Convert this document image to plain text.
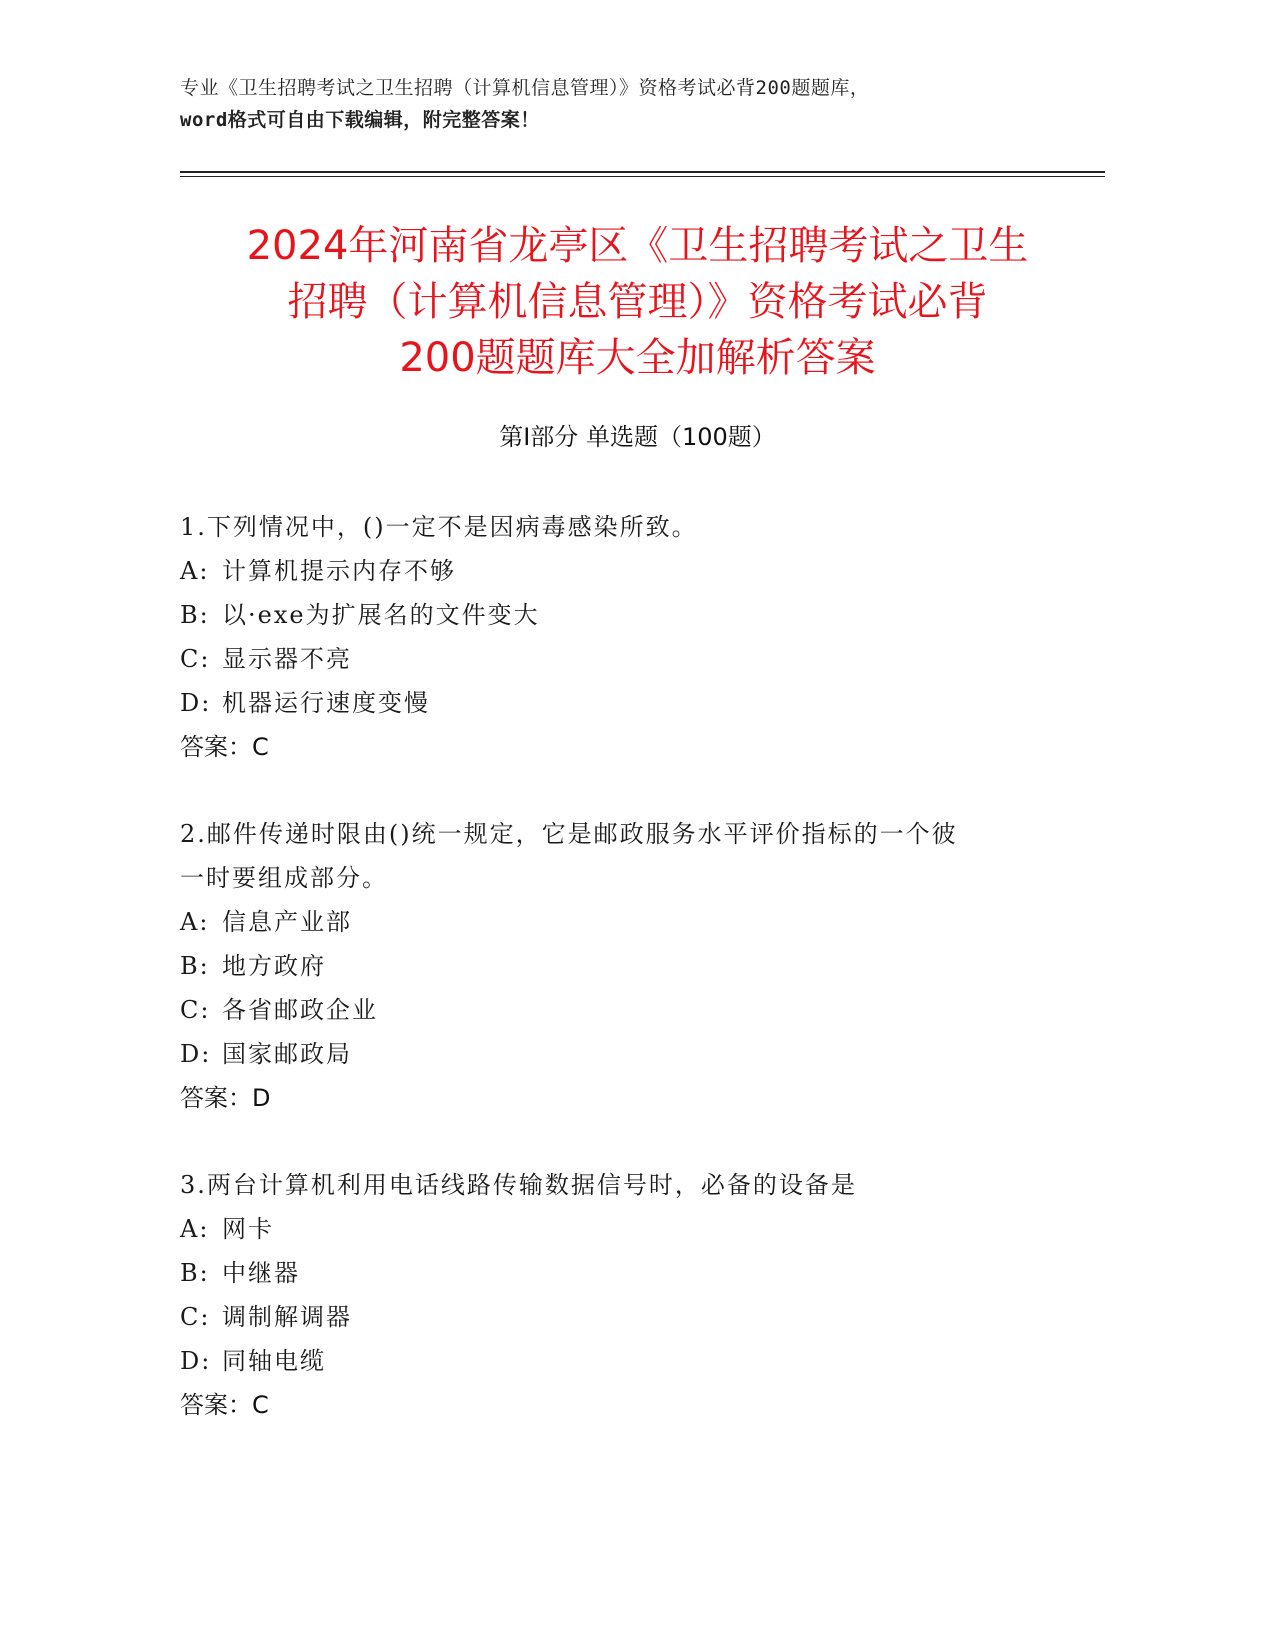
专业《卫生招聘考试之卫生招聘（计算机信息管理）》资格考试必背200题题库，
word格式可自由下载编辑，附完整答案！
2024年河南省龙亭区《卫生招聘考试之卫生
招聘（计算机信息管理）》资格考试必背
200题题库大全加解析答案
第I部分 单选题（100题）
1.下列情况中，()一定不是因病毒感染所致。
A: 计算机提示内存不够
B: 以·exe为扩展名的文件变大
C: 显示器不亮
D: 机器运行速度变慢
答案：C
2.邮件传递时限由()统一规定，它是邮政服务水平评价指标的一个彼
一时要组成部分。
A: 信息产业部
B: 地方政府
C: 各省邮政企业
D: 国家邮政局
答案：D
3.两台计算机利用电话线路传输数据信号时，必备的设备是
A: 网卡
B: 中继器
C: 调制解调器
D: 同轴电缆
答案：C
